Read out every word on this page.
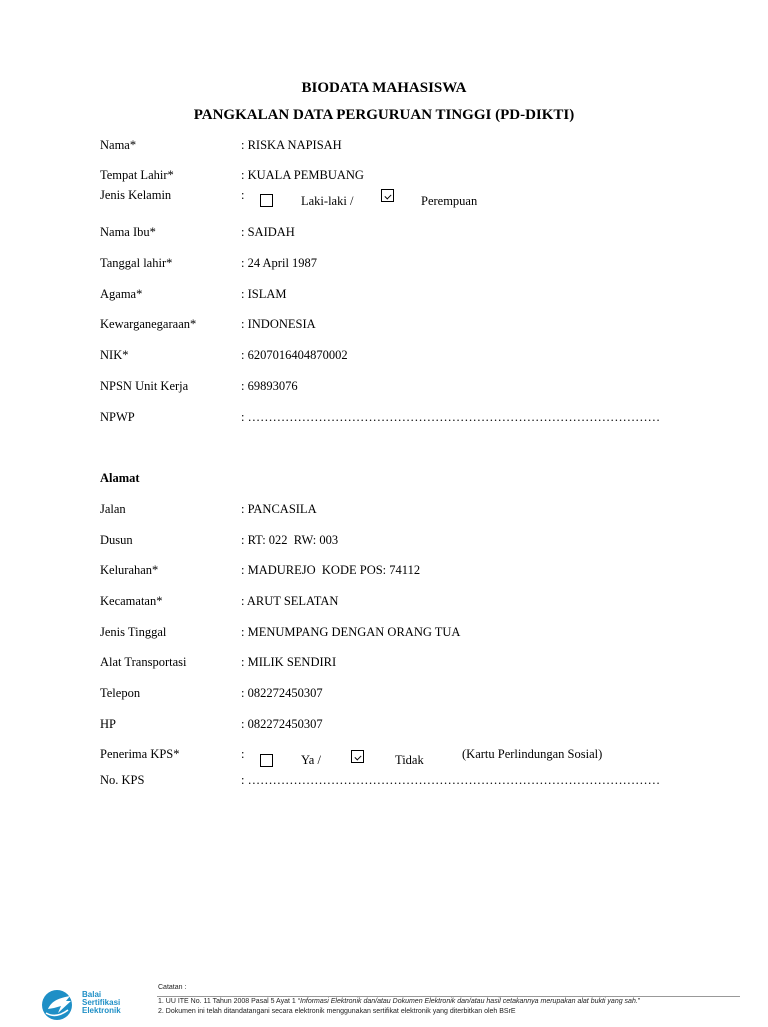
BIODATA MAHASISWA
PANGKALAN DATA PERGURUAN TINGGI (PD-DIKTI)
Nama*	: RISKA NAPISAH
Tempat Lahir*	: KUALA PEMBUANG
Jenis Kelamin	:	Laki-laki /	Perempuan
Nama Ibu*	: SAIDAH
Tanggal lahir*	: 24 April 1987
Agama*	: ISLAM
Kewarganegaraan*	: INDONESIA
NIK*	: 6207016404870002
NPSN Unit Kerja	: 69893076
NPWP	: ………………………………………………………………………………………
Alamat
Jalan	: PANCASILA
Dusun	: RT: 022  RW: 003
Kelurahan*	: MADUREJO  KODE POS: 74112
Kecamatan*	: ARUT SELATAN
Jenis Tinggal	: MENUMPANG DENGAN ORANG TUA
Alat Transportasi	: MILIK SENDIRI
Telepon	: 082272450307
HP	: 082272450307
Penerima KPS*	:	Ya /	Tidak	(Kartu Perlindungan Sosial)
No. KPS	: ………………………………………………………………………………………
Balai
Sertifikasi
Elektronik
Catatan :
1. UU ITE No. 11 Tahun 2008 Pasal 5 Ayat 1 “Informasi Elektronik dan/atau Dokumen Elektronik dan/atau hasil cetakannya merupakan alat bukti yang sah.”
2. Dokumen ini telah ditandatangani secara elektronik menggunakan sertifikat elektronik yang diterbitkan oleh BSrE
